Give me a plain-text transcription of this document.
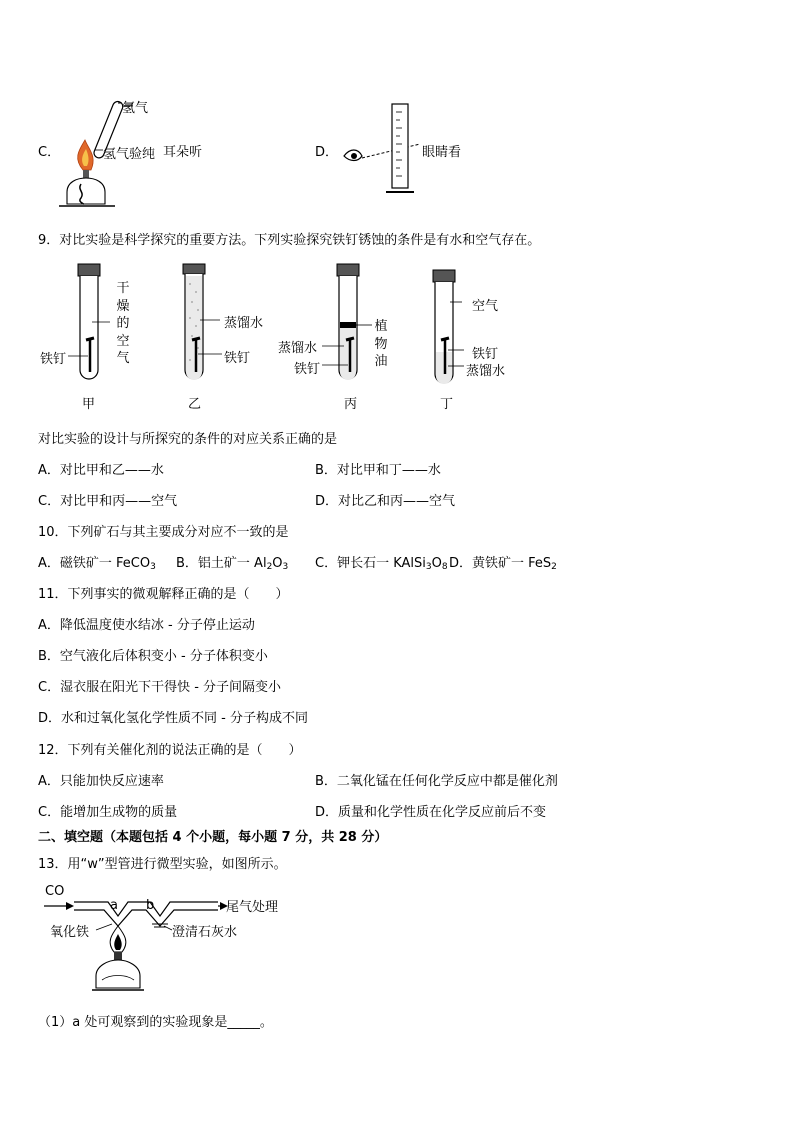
C．
氢气
氢气验纯 耳朵听	D．	眼睛看
9．对比实验是科学探究的重要方法。下列实验探究铁钉锈蚀的条件是有水和空气存在。
干
燥
的
空
气
铁钉
甲
蒸馏水
铁钉
乙
植
物
油
蒸馏水
铁钉
丙
空气
铁钉
蒸馏水
丁
对比实验的设计与所探究的条件的对应关系正确的是
A．对比甲和乙——水	B．对比甲和丁——水
C．对比甲和丙——空气	D．对比乙和丙——空气
10．下列矿石与其主要成分对应不一致的是
A．磁铁矿一 FeCO$_3$ B．铝土矿一 $Al_2O_3$ C．钾长石一 $KAlSi_3O_8$ D．黄铁矿一 FeS$_2$
11．下列事实的微观解释正确的是（　　）
A．降低温度使水结冰 - 分子停止运动
B．空气液化后体积变小 - 分子体积变小
C．湿衣服在阳光下干得快 - 分子间隔变小
D．水和过氧化氢化学性质不同 - 分子构成不同
12．下列有关催化剂的说法正确的是（　　）
A．只能加快反应速率	B．二氧化锰在任何化学反应中都是催化剂
C．能增加生成物的质量	D．质量和化学性质在化学反应前后不变
二、填空题（本题包括 4 个小题，每小题 7 分，共 28 分）
13．用“w”型管进行微型实验，如图所示。
CO
a b	尾气处理
氧化铁	澄清石灰水
（1）a 处可观察到的实验现象是_____。
